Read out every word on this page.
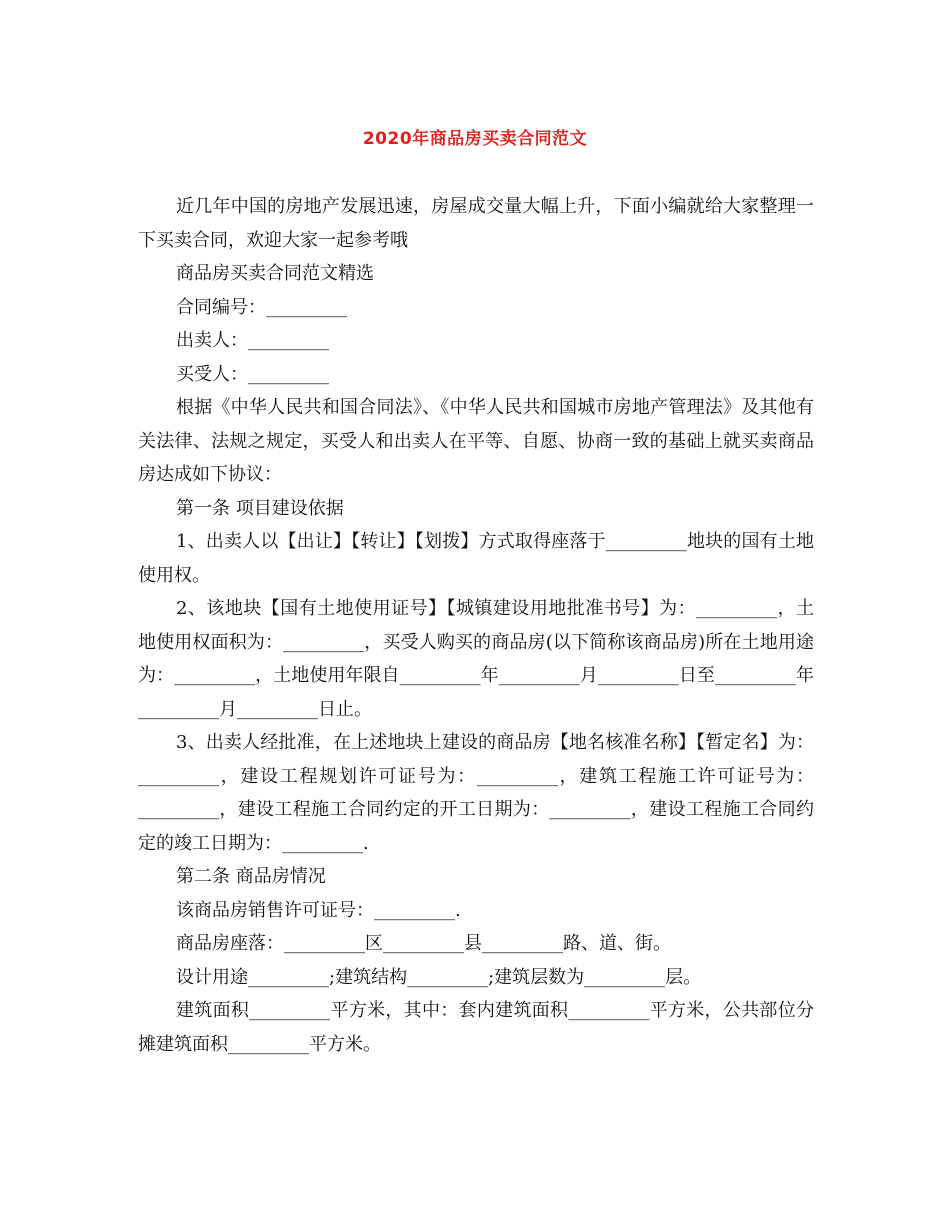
2020年商品房买卖合同范文

近几年中国的房地产发展迅速，房屋成交量大幅上升，下面小编就给大家整理一下买卖合同，欢迎大家一起参考哦

商品房买卖合同范文精选

合同编号：_________

出卖人：_________

买受人：_________

根据《中华人民共和国合同法》、《中华人民共和国城市房地产管理法》及其他有关法律、法规之规定，买受人和出卖人在平等、自愿、协商一致的基础上就买卖商品房达成如下协议：

第一条 项目建设依据

1、出卖人以【出让】【转让】【划拨】方式取得座落于_________地块的国有土地使用权。

2、该地块【国有土地使用证号】【城镇建设用地批准书号】为：_________，土地使用权面积为：_________，买受人购买的商品房(以下简称该商品房)所在土地用途为：_________，土地使用年限自_________年_________月_________日至_________年 _________月_________日止。

3、出卖人经批准，在上述地块上建设的商品房【地名核准名称】【暂定名】为：_________，建设工程规划许可证号为：_________，建筑工程施工许可证号为：_________，建设工程施工合同约定的开工日期为：_________，建设工程施工合同约定的竣工日期为：_________.

第二条 商品房情况

该商品房销售许可证号：_________.

商品房座落：_________区_________县_________路、道、街。

设计用途_________;建筑结构_________;建筑层数为_________层。

建筑面积_________平方米，其中：套内建筑面积_________平方米，公共部位分摊建筑面积_________平方米。
